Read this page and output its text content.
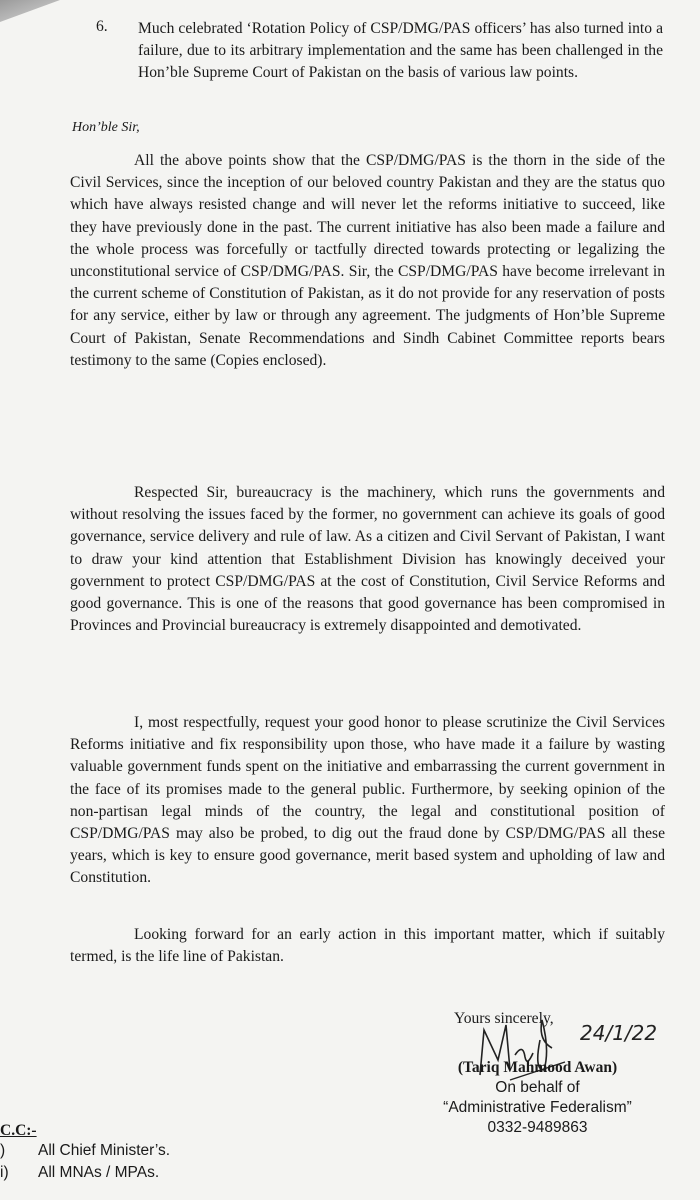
6. Much celebrated ‘Rotation Policy of CSP/DMG/PAS officers’ has also turned into a failure, due to its arbitrary implementation and the same has been challenged in the Hon’ble Supreme Court of Pakistan on the basis of various law points.
Hon’ble Sir,
All the above points show that the CSP/DMG/PAS is the thorn in the side of the Civil Services, since the inception of our beloved country Pakistan and they are the status quo which have always resisted change and will never let the reforms initiative to succeed, like they have previously done in the past. The current initiative has also been made a failure and the whole process was forcefully or tactfully directed towards protecting or legalizing the unconstitutional service of CSP/DMG/PAS. Sir, the CSP/DMG/PAS have become irrelevant in the current scheme of Constitution of Pakistan, as it do not provide for any reservation of posts for any service, either by law or through any agreement. The judgments of Hon’ble Supreme Court of Pakistan, Senate Recommendations and Sindh Cabinet Committee reports bears testimony to the same (Copies enclosed).
Respected Sir, bureaucracy is the machinery, which runs the governments and without resolving the issues faced by the former, no government can achieve its goals of good governance, service delivery and rule of law. As a citizen and Civil Servant of Pakistan, I want to draw your kind attention that Establishment Division has knowingly deceived your government to protect CSP/DMG/PAS at the cost of Constitution, Civil Service Reforms and good governance. This is one of the reasons that good governance has been compromised in Provinces and Provincial bureaucracy is extremely disappointed and demotivated.
I, most respectfully, request your good honor to please scrutinize the Civil Services Reforms initiative and fix responsibility upon those, who have made it a failure by wasting valuable government funds spent on the initiative and embarrassing the current government in the face of its promises made to the general public. Furthermore, by seeking opinion of the non-partisan legal minds of the country, the legal and constitutional position of CSP/DMG/PAS may also be probed, to dig out the fraud done by CSP/DMG/PAS all these years, which is key to ensure good governance, merit based system and upholding of law and Constitution.
Looking forward for an early action in this important matter, which if suitably termed, is the life line of Pakistan.
Yours sincerely,
24/1/22
(Tariq Mahmood Awan)
On behalf of
“Administrative Federalism”
0332-9489863
C.C:-
) All Chief Minister’s.
i) All MNAs / MPAs.
